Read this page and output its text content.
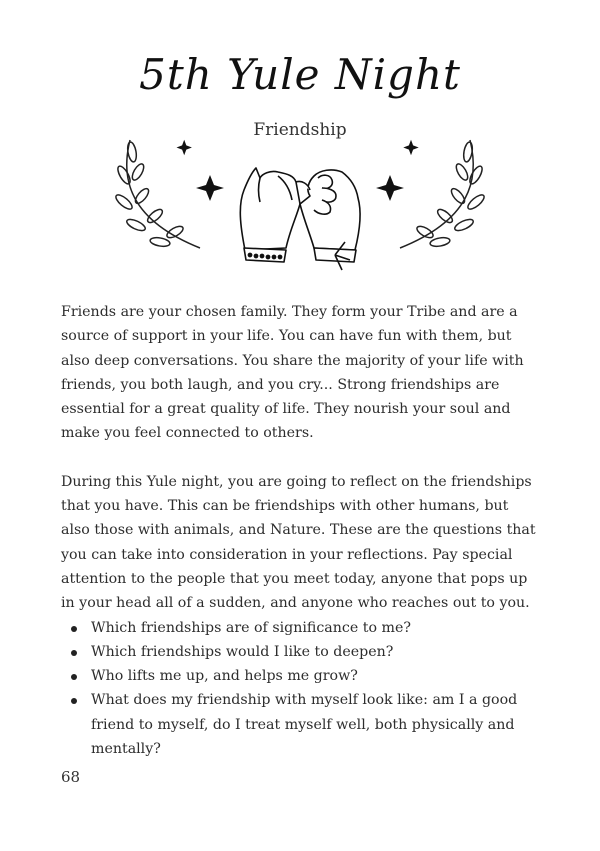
5th Yule Night
Friendship

Friends are your chosen family. They form your Tribe and are a source of support in your life. You can have fun with them, but also deep conversations. You share the majority of your life with friends, you both laugh, and you cry... Strong friendships are essential for a great quality of life. They nourish your soul and make you feel connected to others.

During this Yule night, you are going to reflect on the friendships that you have. This can be friendships with other humans, but also those with animals, and Nature. These are the questions that you can take into consideration in your reflections. Pay special attention to the people that you meet today, anyone that pops up in your head all of a sudden, and anyone who reaches out to you.

Which friendships are of significance to me?
Which friendships would I like to deepen?
Who lifts me up, and helps me grow?
What does my friendship with myself look like: am I a good friend to myself, do I treat myself well, both physically and mentally?
68
